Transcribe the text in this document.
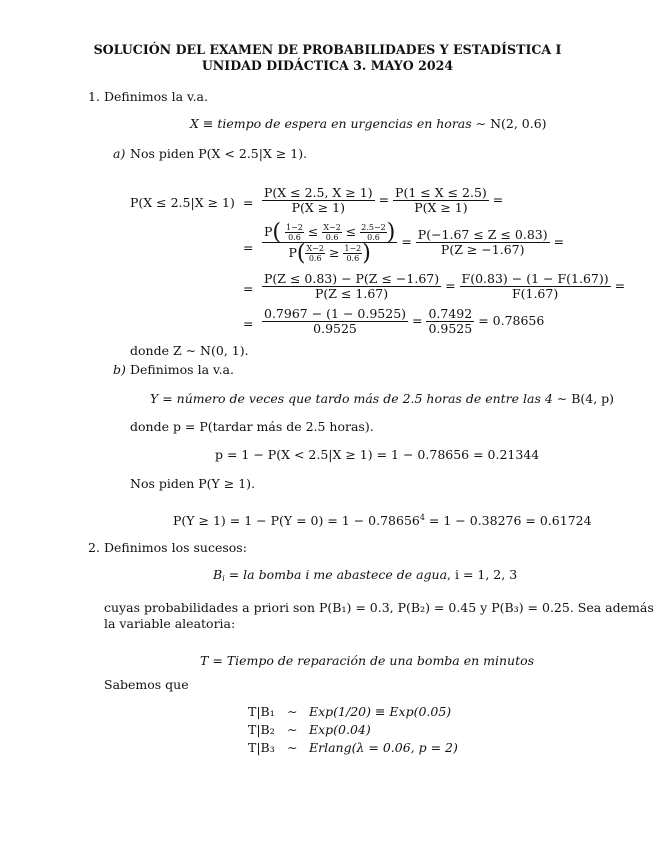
SOLUCIÓN DEL EXAMEN DE PROBABILIDADES Y ESTADÍSTICA I
UNIDAD DIDÁCTICA 3. MAYO 2024
1. Definimos la v.a.
X ≡ tiempo de espera en urgencias en horas ∼ N(2, 0.6)
a) Nos piden P(X < 2.5|X ≥ 1).
$P(X \le 2.5|X \ge 1) = \frac{P(X \le 2.5, X \ge 1)}{P(X \ge 1)} = \frac{P(1 \le X \le 2.5)}{P(X \ge 1)}$ =
= $\frac{P( \frac{1-2}{0.6} \le \frac{X-2}{0.6} \le \frac{2.5-2}{0.6} )}{P( \frac{X-2}{0.6} \ge \frac{1-2}{0.6} )} = \frac{P(-1.67 \le Z \le 0.83)}{P(Z \ge -1.67)}$ =
= $\frac{P(Z \le 0.83) - P(Z \le -1.67)}{P(Z \le 1.67)} = \frac{F(0.83) - (1 - F(1.67))}{F(1.67)}$ =
= $\frac{0.7967 - (1 - 0.9525)}{0.9525} = \frac{0.7492}{0.9525} = 0.78656$
donde Z ∼ N(0, 1).
b) Definimos la v.a.
Y = número de veces que tardo más de 2.5 horas de entre las 4 ∼ B(4, p)
donde p = P(tardar más de 2.5 horas).
p = 1 − P(X < 2.5|X ≥ 1) = 1 − 0.78656 = 0.21344
Nos piden P(Y ≥ 1).
$P(Y \ge 1) = 1 - P(Y = 0) = 1 - 0.78656^4 = 1 - 0.38276 = 0.61724$
2. Definimos los sucesos:
$B_i$ = la bomba i me abastece de agua, i = 1, 2, 3
cuyas probabilidades a priori son P(B₁) = 0.3, P(B₂) = 0.45 y P(B₃) = 0.25. Sea además
la variable aleatoria:
T = Tiempo de reparación de una bomba en minutos
Sabemos que
T|B₁ ∼ Exp(1/20) ≡ Exp(0.05)
T|B₂ ∼ Exp(0.04)
T|B₃ ∼ Erlang(λ = 0.06, p = 2)
